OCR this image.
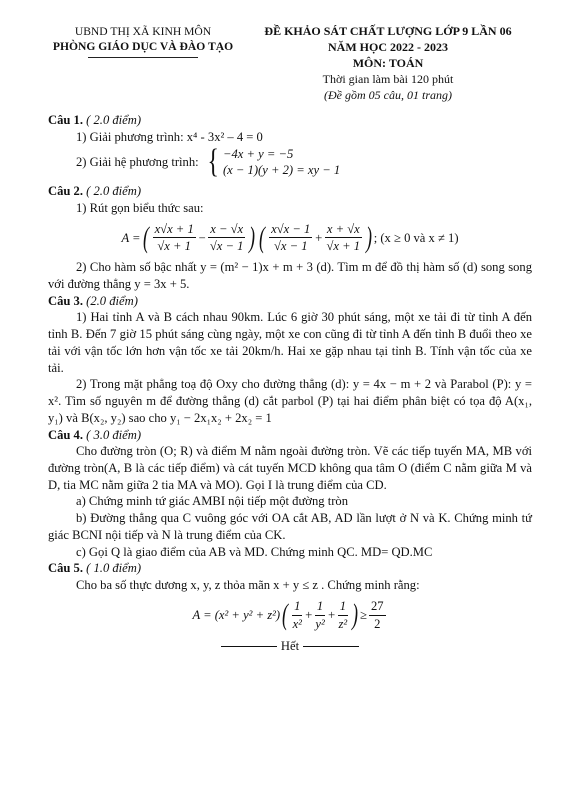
UBND THỊ XÃ KINH MÔN
PHÒNG GIÁO DỤC VÀ ĐÀO TẠO
ĐỀ KHẢO SÁT CHẤT LƯỢNG LỚP 9 LẦN 06
NĂM HỌC 2022 - 2023
MÔN: TOÁN
Thời gian làm bài 120 phút
(Đề gồm 05 câu, 01 trang)
Câu 1. ( 2.0 điểm)
1) Giải phương trình: x⁴ - 3x² – 4 = 0
2) Giải hệ phương trình: { −4x + y = −5
(x − 1)(y + 2) = xy − 1
Câu 2. ( 2.0 điểm)
1) Rút gọn biểu thức sau:
A = ( $\frac{x√x + 1}{√x + 1} - \frac{x - √x}{√x - 1}$ ) ( $\frac{x√x - 1}{√x - 1} + \frac{x + √x}{√x + 1}$ ) ; (x ≥ 0 và x ≠ 1)
2) Cho hàm số bậc nhất y = (m² − 1)x + m + 3 (d). Tìm m để đồ thị hàm số (d) song song với đường thẳng y = 3x + 5.
Câu 3. (2.0 điểm)
1) Hai tỉnh A và B cách nhau 90km. Lúc 6 giờ 30 phút sáng, một xe tải đi từ tỉnh A đến tỉnh B. Đến 7 giờ 15 phút sáng cùng ngày, một xe con cũng đi từ tỉnh A đến tỉnh B đuổi theo xe tải với vận tốc lớn hơn vận tốc xe tải 20km/h. Hai xe gặp nhau tại tỉnh B. Tính vận tốc của xe tải.
2) Trong mặt phẳng toạ độ Oxy cho đường thẳng (d): y = 4x − m + 2 và Parabol (P): y = x². Tìm số nguyên m để đường thẳng (d) cắt parbol (P) tại hai điểm phân biệt có tọa độ A(x₁, y₁) và B(x₂, y₂) sao cho y₁ − 2x₁x₂ + 2x₂ = 1
Câu 4. ( 3.0 điểm)
Cho đường tròn (O; R) và điểm M nằm ngoài đường tròn. Vẽ các tiếp tuyến MA, MB với đường tròn(A, B là các tiếp điểm) và cát tuyến MCD không qua tâm O (điểm C nằm giữa M và D, tia MC nằm giữa 2 tia MA và MO). Gọi I là trung điểm của CD.
a) Chứng minh tứ giác AMBI nội tiếp một đường tròn
b) Đường thẳng qua C vuông góc với OA cắt AB, AD lần lượt ở N và K. Chứng minh tứ giác BCNI nội tiếp và N là trung điểm của CK.
c) Gọi Q là giao điểm của AB và MD. Chứng minh QC. MD= QD.MC
Câu 5. ( 1.0 điểm)
Cho ba số thực dương x, y, z thỏa mãn x + y ≤ z . Chứng minh rằng:
A = (x² + y² + z²) ( $\frac{1}{\text{x²}} + \frac{1}{\text{y²}} + \frac{1}{\text{z²}}$ ) ≥ $\frac{27}{2}$
Hết
